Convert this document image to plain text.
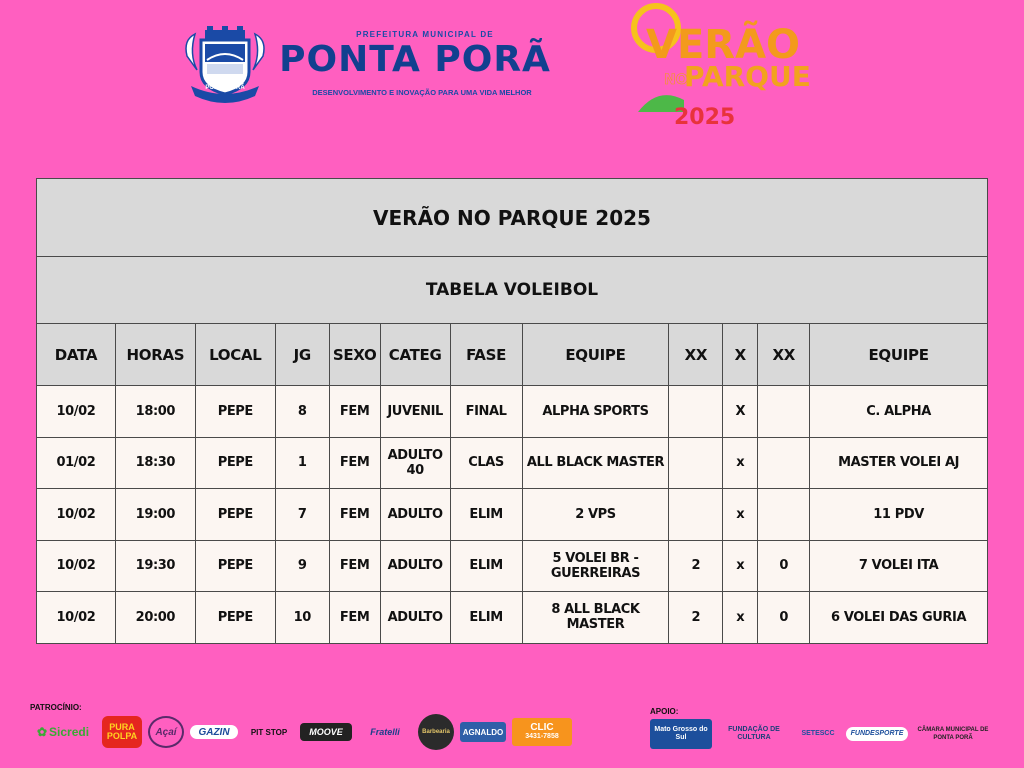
PONTA PORÃ
PREFEITURA MUNICIPAL DE
PONTA PORÃ
DESENVOLVIMENTO E INOVAÇÃO PARA UMA VIDA MELHOR
VERÃO
NO
PARQUE
2025
VERÃO NO PARQUE 2025											
TABELA VOLEIBOL											
DATA	HORAS	LOCAL	JG	SEXO	CATEG	FASE	EQUIPE	XX	X	XX	EQUIPE
10/02	18:00	PEPE	8	FEM	JUVENIL	FINAL	ALPHA SPORTS		X		C. ALPHA
01/02	18:30	PEPE	1	FEM	ADULTO 40	CLAS	ALL BLACK MASTER		x		MASTER VOLEI AJ
10/02	19:00	PEPE	7	FEM	ADULTO	ELIM	2 VPS		x		11 PDV
10/02	19:30	PEPE	9	FEM	ADULTO	ELIM	5 VOLEI BR - GUERREIRAS	2	x	0	7 VOLEI ITA
10/02	20:00	PEPE	10	FEM	ADULTO	ELIM	8 ALL BLACK MASTER	2	x	0	6 VOLEI DAS GURIA
PATROCÍNIO:
✿ Sicredi	PURA POLPA	Açaí	GAZIN	PIT STOP	MOOVE	Fratelli	Barbearia	AGNALDO	CLIC
3431-7858
APOIO:
Mato Grosso do Sul
FUNDAÇÃO DE CULTURA
SETESCC	FUNDESPORTE	CÂMARA MUNICIPAL DE PONTA PORÃ
